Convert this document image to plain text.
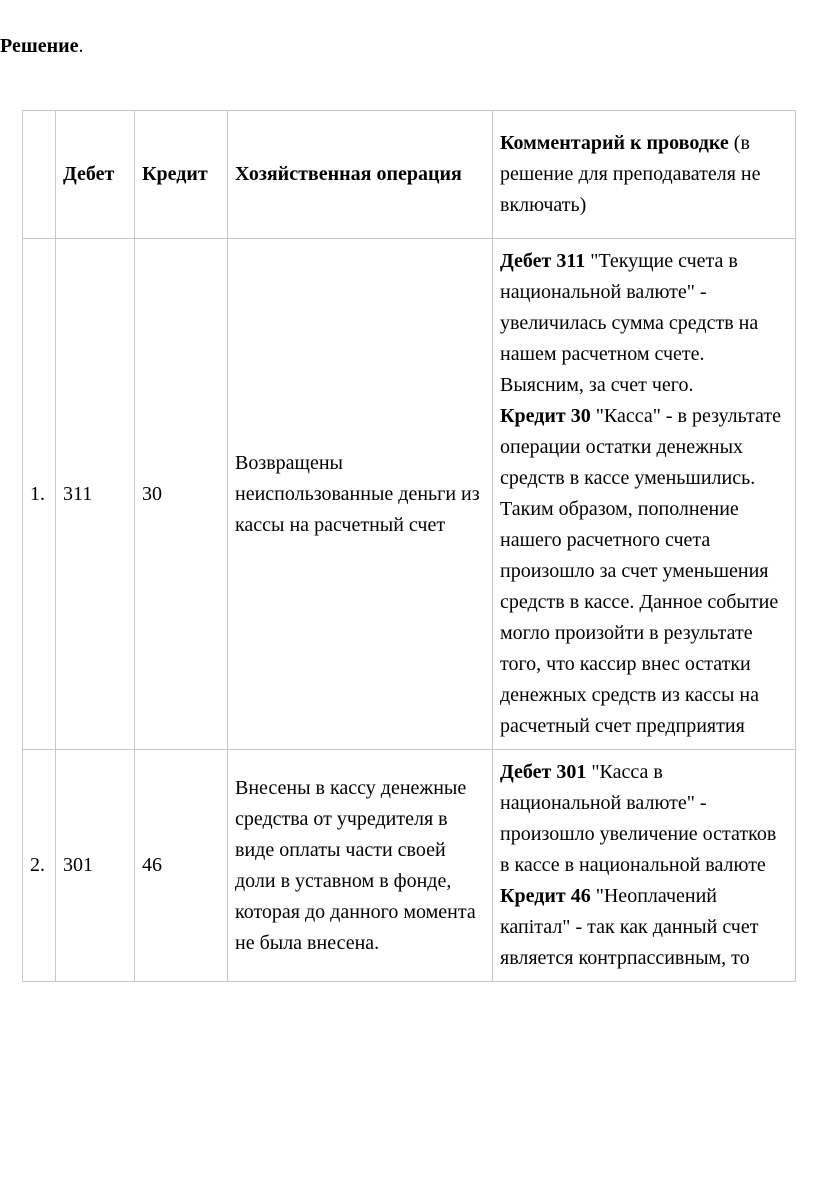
Решение.
	Дебет	Кредит	Хозяйственная операция	Комментарий к проводке (в решение для преподавателя не включать)
1.	311	30	Возвращены неиспользованные деньги из кассы на расчетный счет	Дебет 311 "Текущие счета в национальной валюте" - увеличилась сумма средств на нашем расчетном счете. Выясним, за счет чего.
Кредит 30 "Касса" - в результате операции остатки денежных средств в кассе уменьшились.
Таким образом, пополнение нашего расчетного счета произошло за счет уменьшения средств в кассе. Данное событие могло произойти в результате того, что кассир внес остатки денежных средств из кассы на расчетный счет предприятия
2.	301	46	Внесены в кассу денежные средства от учредителя в виде оплаты части своей доли в уставном в фонде, которая до данного момента не была внесена.	Дебет 301 "Касса в национальной валюте" - произошло увеличение остатков в кассе в национальной валюте
Кредит 46 "Неоплачений капітал" - так как данный счет является контрпассивным, то
